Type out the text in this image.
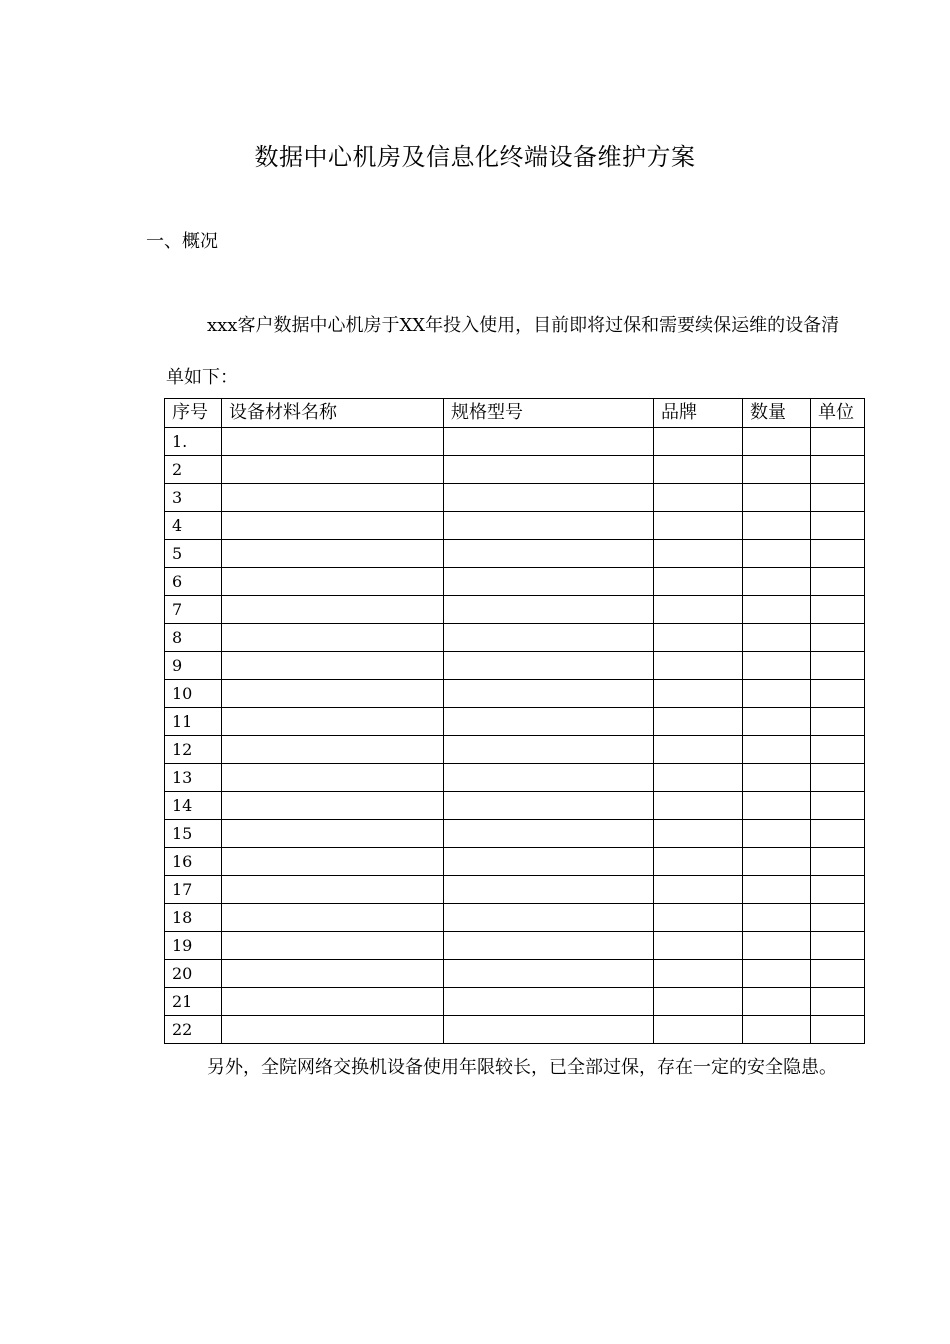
数据中心机房及信息化终端设备维护方案
一、概况

xxx客户数据中心机房于XX年投入使用，目前即将过保和需要续保运维的设备清单如下：

序号	设备材料名称	规格型号	品牌	数量	单位
1.					
2					
3					
4					
5					
6					
7					
8					
9					
10					
11					
12					
13					
14					
15					
16					
17					
18					
19					
20					
21					
22					

另外，全院网络交换机设备使用年限较长，已全部过保，存在一定的安全隐患。
